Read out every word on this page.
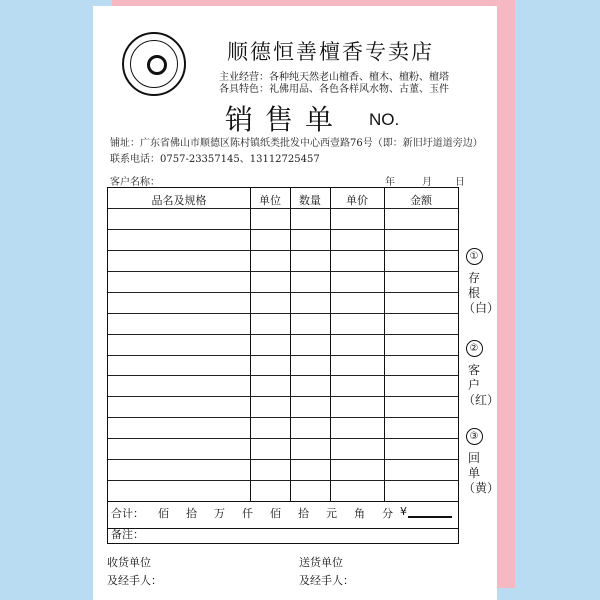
顺德恒善檀香专卖店
主业经营：各种纯天然老山檀香、檀木、檀粉、檀塔
各具特色：礼佛用品、各色各样风水物、古董、玉件
销售单 NO.
铺址：广东省佛山市顺德区陈村镇纸类批发中心西壹路76号（即：新旧圩道道旁边）
联系电话：0757-23357145、13112725457
客户名称：	年	月 日
品名及规格	单位	数量	单价	金额
合计： 佰 拾 万 仟 佰 拾 元 角 分 ¥
备注：
收货单位
及经手人：
送货单位
及经手人：
①
存根
（白）
②
客户
（红）
③
回单
（黄）
